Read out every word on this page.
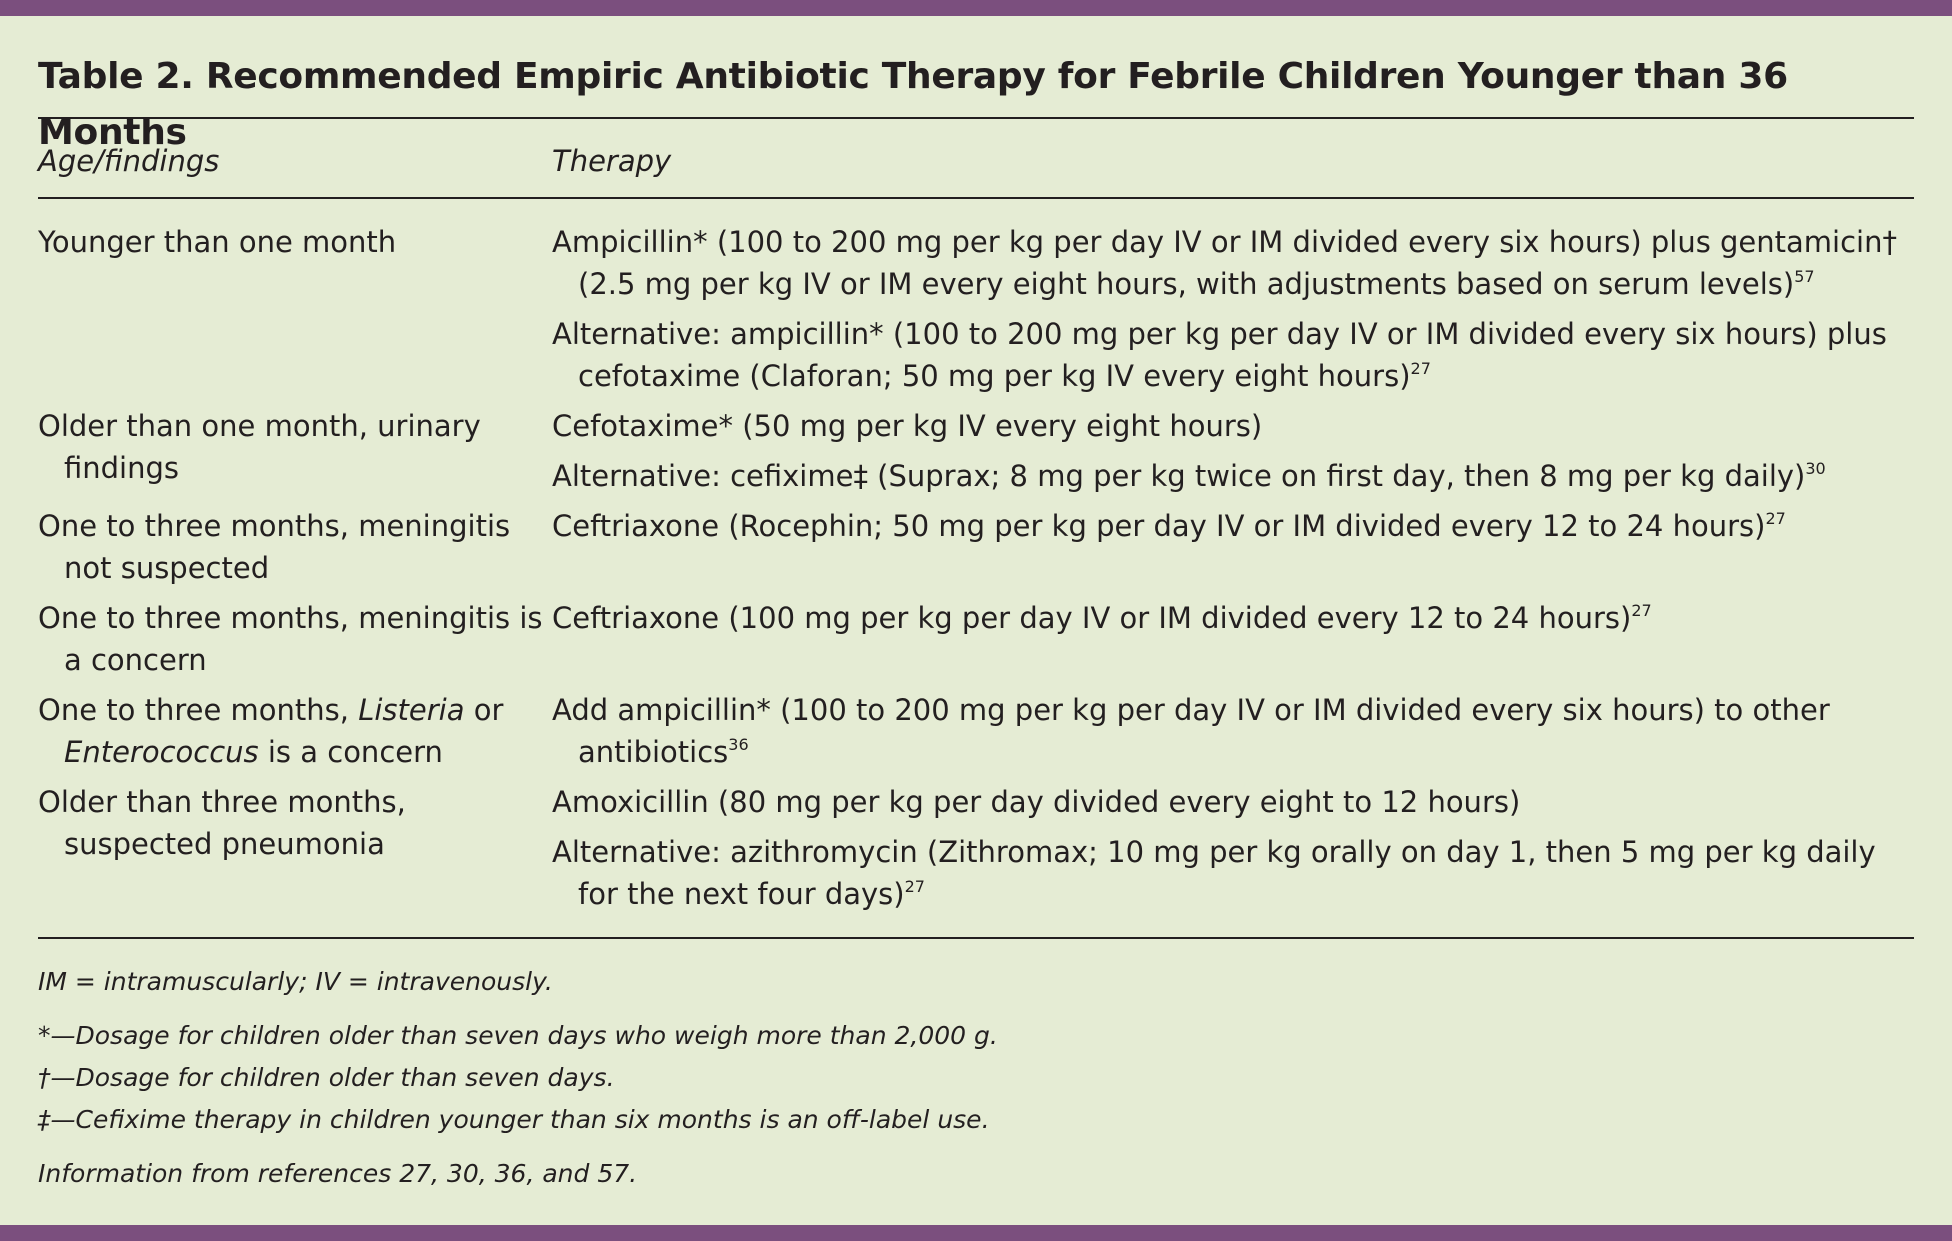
Table 2. Recommended Empiric Antibiotic Therapy for Febrile Children Younger than 36 Months
Age/findings	Therapy
Younger than one month	Ampicillin* (100 to 200 mg per kg per day IV or IM divided every six hours) plus gentamicin† (2.5 mg per kg IV or IM every eight hours, with adjustments based on serum levels)$^{57}$
Alternative: ampicillin* (100 to 200 mg per kg per day IV or IM divided every six hours) plus cefotaxime (Claforan; 50 mg per kg IV every eight hours)$^{27}$
Older than one month, urinary findings
Cefotaxime* (50 mg per kg IV every eight hours)
Alternative: cefixime‡ (Suprax; 8 mg per kg twice on first day, then 8 mg per kg daily)$^{30}$
One to three months, meningitis not suspected
Ceftriaxone (Rocephin; 50 mg per kg per day IV or IM divided every 12 to 24 hours)$^{27}$
One to three months, meningitis is a concern
Ceftriaxone (100 mg per kg per day IV or IM divided every 12 to 24 hours)$^{27}$
One to three months, Listeria or Enterococcus is a concern
Add ampicillin* (100 to 200 mg per kg per day IV or IM divided every six hours) to other antibiotics$^{36}$
Older than three months, suspected pneumonia
Amoxicillin (80 mg per kg per day divided every eight to 12 hours)
Alternative: azithromycin (Zithromax; 10 mg per kg orally on day 1, then 5 mg per kg daily for the next four days)$^{27}$
IM = intramuscularly; IV = intravenously.
*—Dosage for children older than seven days who weigh more than 2,000 g.
†—Dosage for children older than seven days.
‡—Cefixime therapy in children younger than six months is an off-label use.
Information from references 27, 30, 36, and 57.
